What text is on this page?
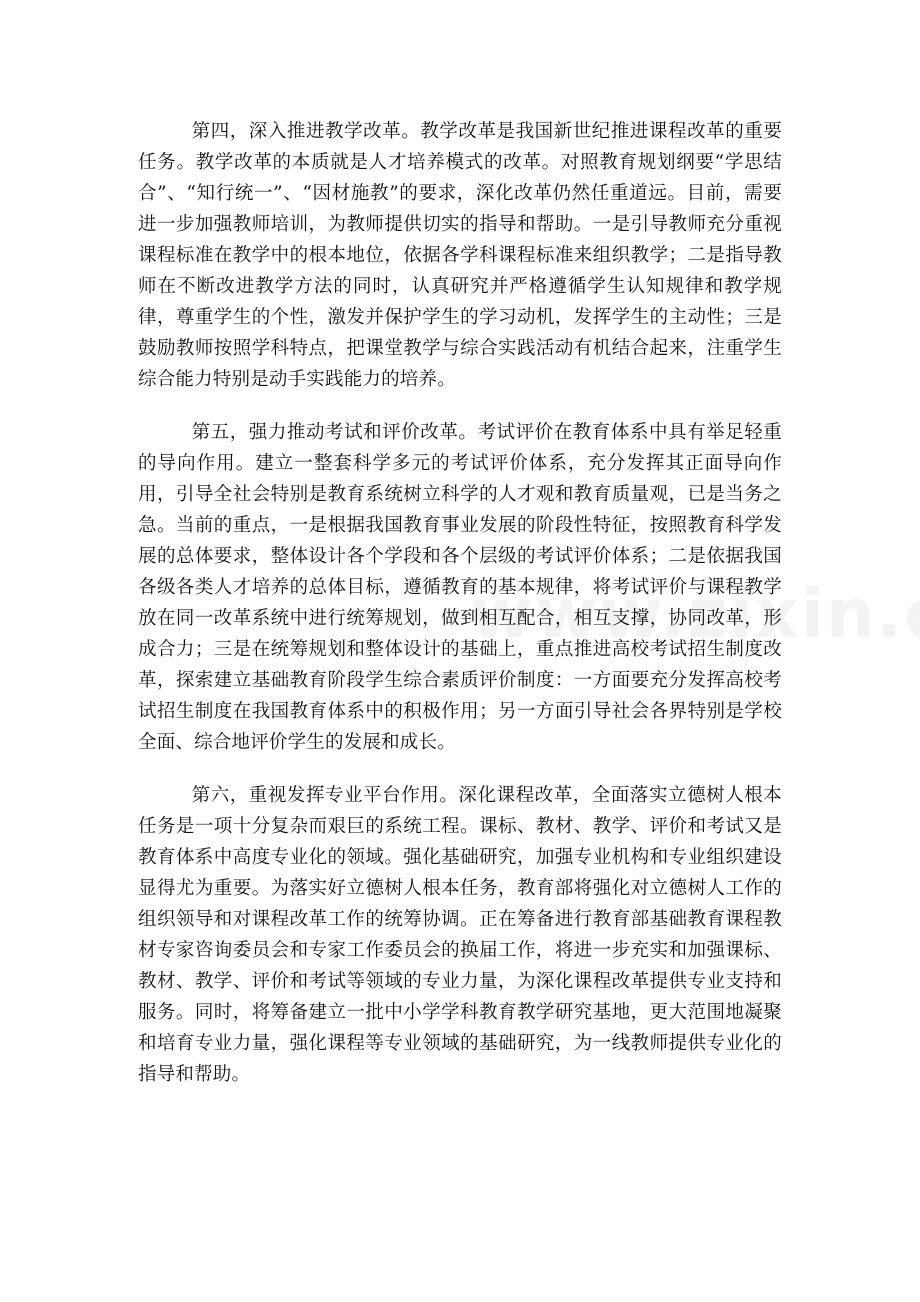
第四，深入推进教学改革。教学改革是我国新世纪推进课程改革的重要任务。教学改革的本质就是人才培养模式的改革。对照教育规划纲要“学思结合”、“知行统一”、“因材施教”的要求，深化改革仍然任重道远。目前，需要进一步加强教师培训，为教师提供切实的指导和帮助。一是引导教师充分重视课程标准在教学中的根本地位，依据各学科课程标准来组织教学；二是指导教师在不断改进教学方法的同时，认真研究并严格遵循学生认知规律和教学规律，尊重学生的个性，激发并保护学生的学习动机，发挥学生的主动性；三是鼓励教师按照学科特点，把课堂教学与综合实践活动有机结合起来，注重学生综合能力特别是动手实践能力的培养。

第五，强力推动考试和评价改革。考试评价在教育体系中具有举足轻重的导向作用。建立一整套科学多元的考试评价体系，充分发挥其正面导向作用，引导全社会特别是教育系统树立科学的人才观和教育质量观，已是当务之急。当前的重点，一是根据我国教育事业发展的阶段性特征，按照教育科学发展的总体要求，整体设计各个学段和各个层级的考试评价体系；二是依据我国各级各类人才培养的总体目标，遵循教育的基本规律，将考试评价与课程教学放在同一改革系统中进行统筹规划，做到相互配合，相互支撑，协同改革，形成合力；三是在统筹规划和整体设计的基础上，重点推进高校考试招生制度改革，探索建立基础教育阶段学生综合素质评价制度：一方面要充分发挥高校考试招生制度在我国教育体系中的积极作用；另一方面引导社会各界特别是学校全面、综合地评价学生的发展和成长。

第六，重视发挥专业平台作用。深化课程改革，全面落实立德树人根本任务是一项十分复杂而艰巨的系统工程。课标、教材、教学、评价和考试又是教育体系中高度专业化的领域。强化基础研究，加强专业机构和专业组织建设显得尤为重要。为落实好立德树人根本任务，教育部将强化对立德树人工作的组织领导和对课程改革工作的统筹协调。正在筹备进行教育部基础教育课程教材专家咨询委员会和专家工作委员会的换届工作，将进一步充实和加强课标、教材、教学、评价和考试等领域的专业力量，为深化课程改革提供专业支持和服务。同时，将筹备建立一批中小学学科教育教学研究基地，更大范围地凝聚和培育专业力量，强化课程等专业领域的基础研究，为一线教师提供专业化的指导和帮助。
